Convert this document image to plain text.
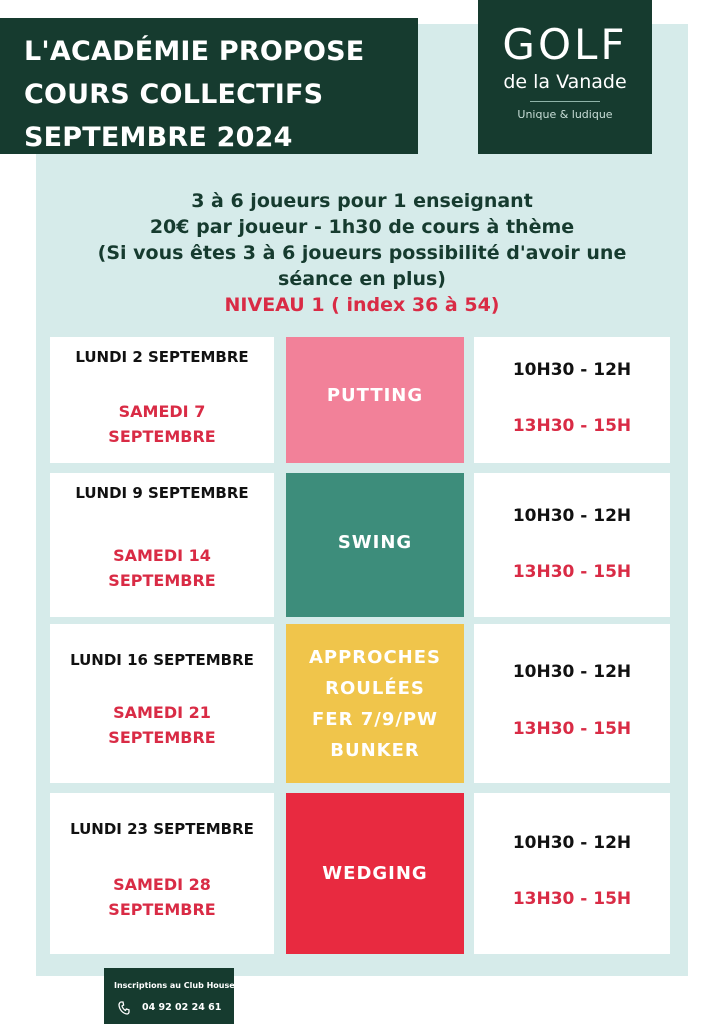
L'ACADÉMIE PROPOSE
COURS COLLECTIFS
SEPTEMBRE 2024
GOLF
de la Vanade
Unique & ludique
3 à 6 joueurs pour 1 enseignant
20€ par joueur - 1h30 de cours à thème
(Si vous êtes 3 à 6 joueurs possibilité d'avoir une
séance en plus)
NIVEAU 1 ( index 36 à 54)
LUNDI 2 SEPTEMBRE
SAMEDI 7
SEPTEMBRE
PUTTING
10H30 - 12H
13H30 - 15H
LUNDI 9 SEPTEMBRE
SAMEDI 14
SEPTEMBRE
SWING
10H30 - 12H
13H30 - 15H
LUNDI 16 SEPTEMBRE
SAMEDI 21
SEPTEMBRE
APPROCHES
ROULÉES
FER 7/9/PW
BUNKER
10H30 - 12H
13H30 - 15H
LUNDI 23 SEPTEMBRE
SAMEDI 28
SEPTEMBRE
WEDGING
10H30 - 12H
13H30 - 15H
Inscriptions au Club House
04 92 02 24 61
